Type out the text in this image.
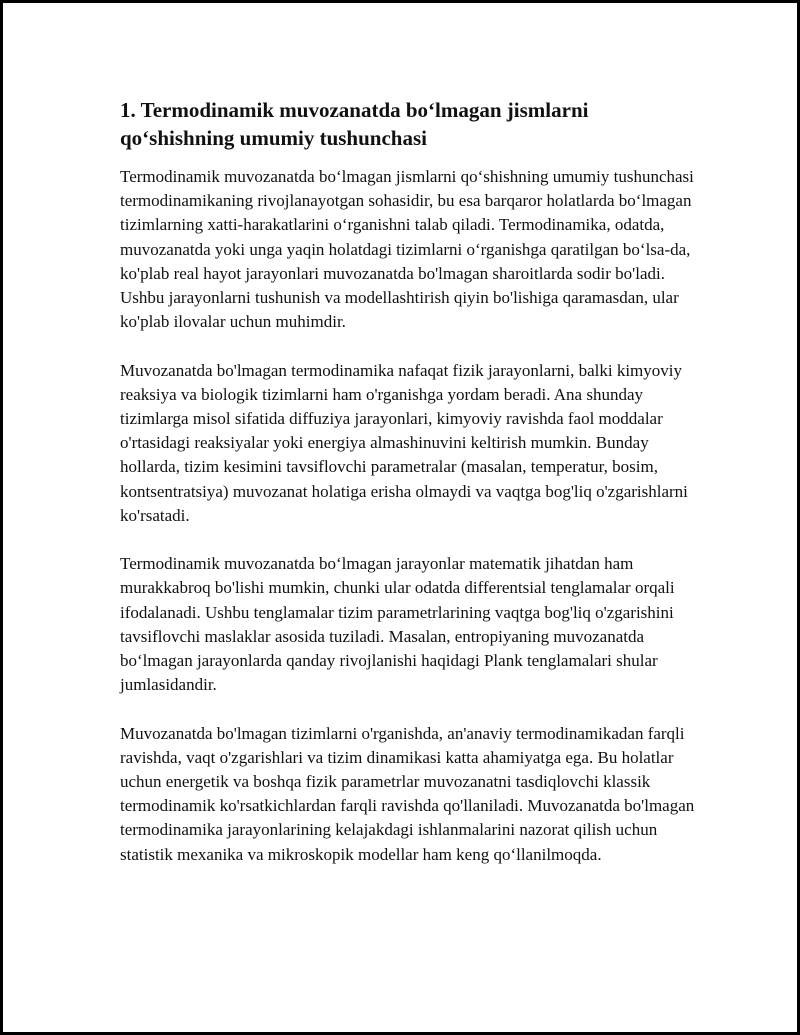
1. Termodinamik muvozanatda bo‘lmagan jismlarni
qo‘shishning umumiy tushunchasi

Termodinamik muvozanatda bo‘lmagan jismlarni qo‘shishning umumiy tushunchasi termodinamikaning rivojlanayotgan sohasidir, bu esa barqaror holatlarda bo‘lmagan tizimlarning xatti-harakatlarini o‘rganishni talab qiladi. Termodinamika, odatda, muvozanatda yoki unga yaqin holatdagi tizimlarni o‘rganishga qaratilgan bo‘lsa-da, ko'plab real hayot jarayonlari muvozanatda bo'lmagan sharoitlarda sodir bo'ladi. Ushbu jarayonlarni tushunish va modellashtirish qiyin bo'lishiga qaramasdan, ular ko'plab ilovalar uchun muhimdir.

Muvozanatda bo'lmagan termodinamika nafaqat fizik jarayonlarni, balki kimyoviy reaksiya va biologik tizimlarni ham o'rganishga yordam beradi. Ana shunday tizimlarga misol sifatida diffuziya jarayonlari, kimyoviy ravishda faol moddalar o'rtasidagi reaksiyalar yoki energiya almashinuvini keltirish mumkin. Bunday hollarda, tizim kesimini tavsiflovchi parametralar (masalan, temperatur, bosim, kontsentratsiya) muvozanat holatiga erisha olmaydi va vaqtga bog'liq o'zgarishlarni ko'rsatadi.

Termodinamik muvozanatda bo‘lmagan jarayonlar matematik jihatdan ham murakkabroq bo'lishi mumkin, chunki ular odatda differentsial tenglamalar orqali ifodalanadi. Ushbu tenglamalar tizim parametrlarining vaqtga bog'liq o'zgarishini tavsiflovchi maslaklar asosida tuziladi. Masalan, entropiyaning muvozanatda bo‘lmagan jarayonlarda qanday rivojlanishi haqidagi Plank tenglamalari shular jumlasidandir.

Muvozanatda bo'lmagan tizimlarni o'rganishda, an'anaviy termodinamikadan farqli ravishda, vaqt o'zgarishlari va tizim dinamikasi katta ahamiyatga ega. Bu holatlar uchun energetik va boshqa fizik parametrlar muvozanatni tasdiqlovchi klassik termodinamik ko'rsatkichlardan farqli ravishda qo'llaniladi. Muvozanatda bo'lmagan termodinamika jarayonlarining kelajakdagi ishlanmalarini nazorat qilish uchun statistik mexanika va mikroskopik modellar ham keng qo‘llanilmoqda.
